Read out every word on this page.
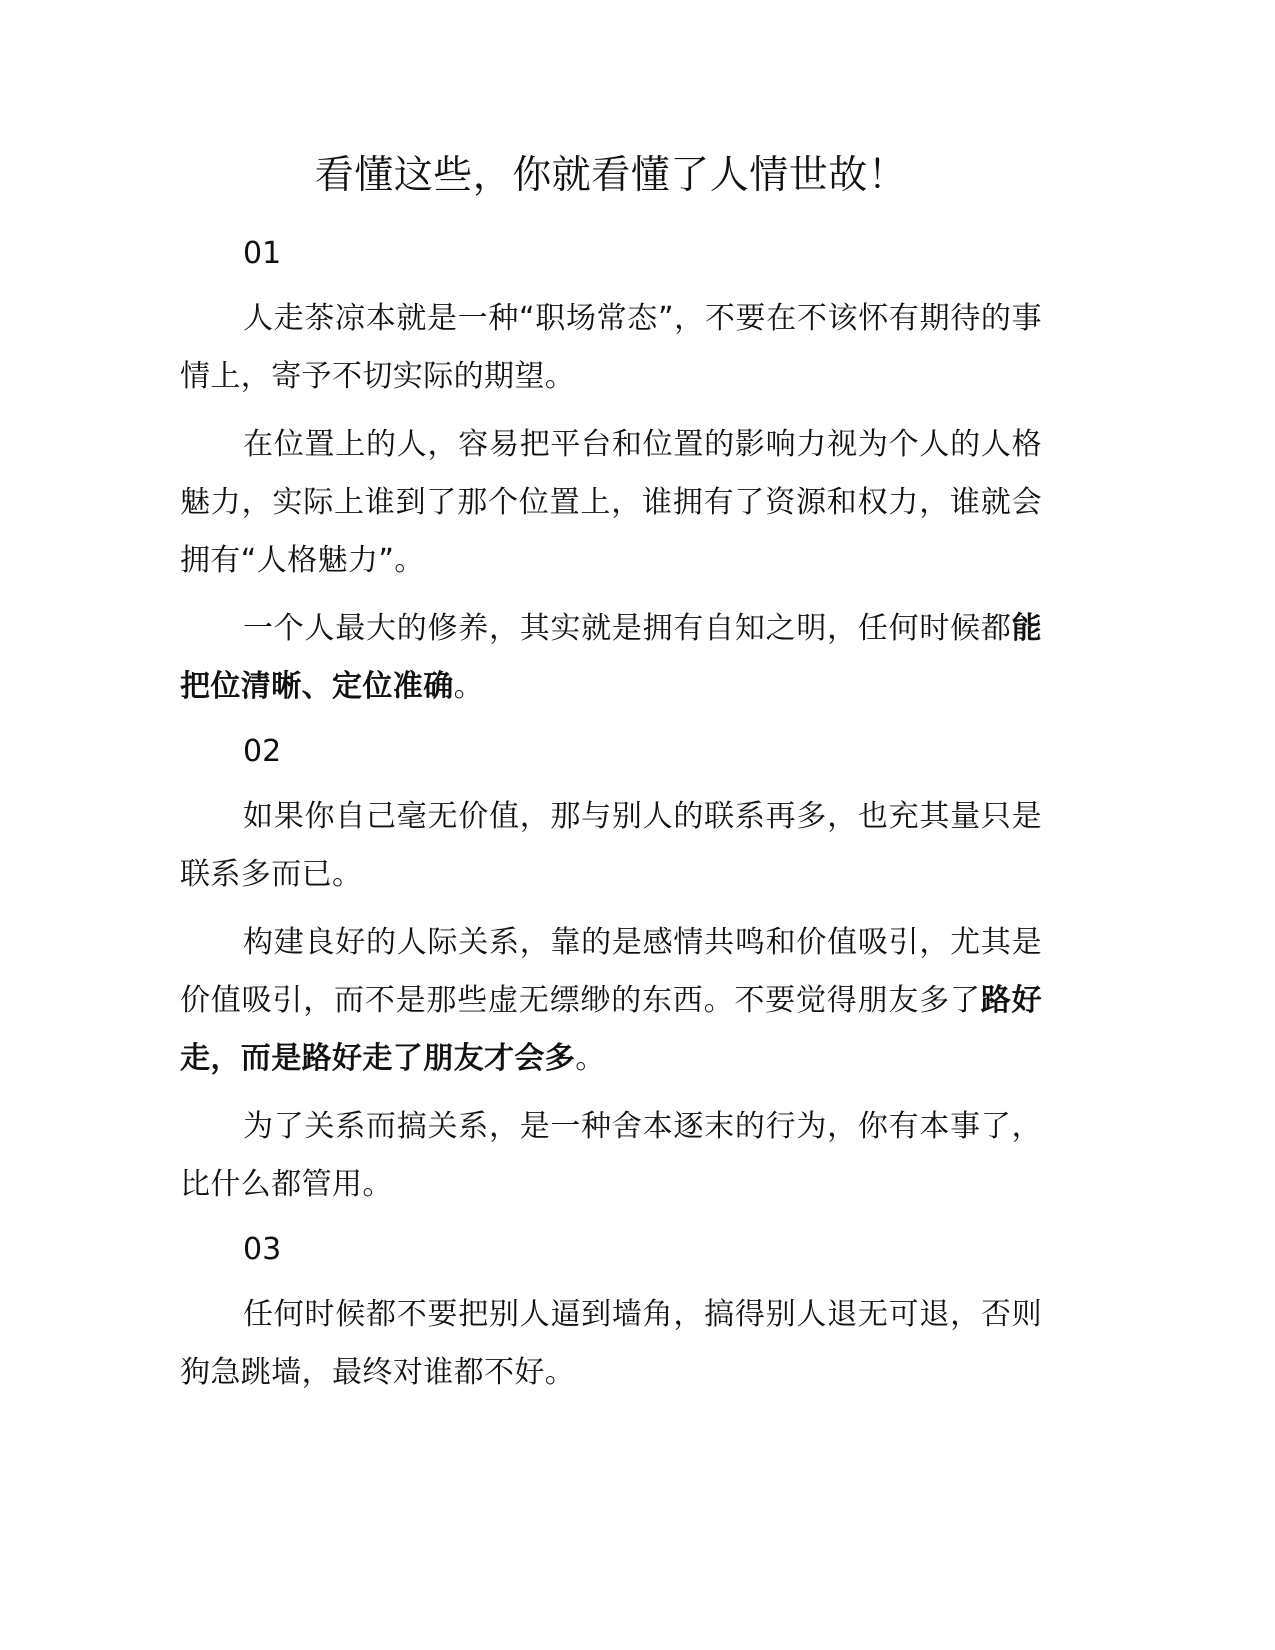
看懂这些，你就看懂了人情世故！
01

人走茶凉本就是一种“职场常态”，不要在不该怀有期待的事情上，寄予不切实际的期望。

在位置上的人，容易把平台和位置的影响力视为个人的人格魅力，实际上谁到了那个位置上，谁拥有了资源和权力，谁就会拥有“人格魅力”。

一个人最大的修养，其实就是拥有自知之明，任何时候都能把位清晰、定位准确。

02

如果你自己毫无价值，那与别人的联系再多，也充其量只是联系多而已。

构建良好的人际关系，靠的是感情共鸣和价值吸引，尤其是价值吸引，而不是那些虚无缥缈的东西。不要觉得朋友多了路好走，而是路好走了朋友才会多。

为了关系而搞关系，是一种舍本逐末的行为，你有本事了，比什么都管用。

03

任何时候都不要把别人逼到墙角，搞得别人退无可退，否则狗急跳墙，最终对谁都不好。
